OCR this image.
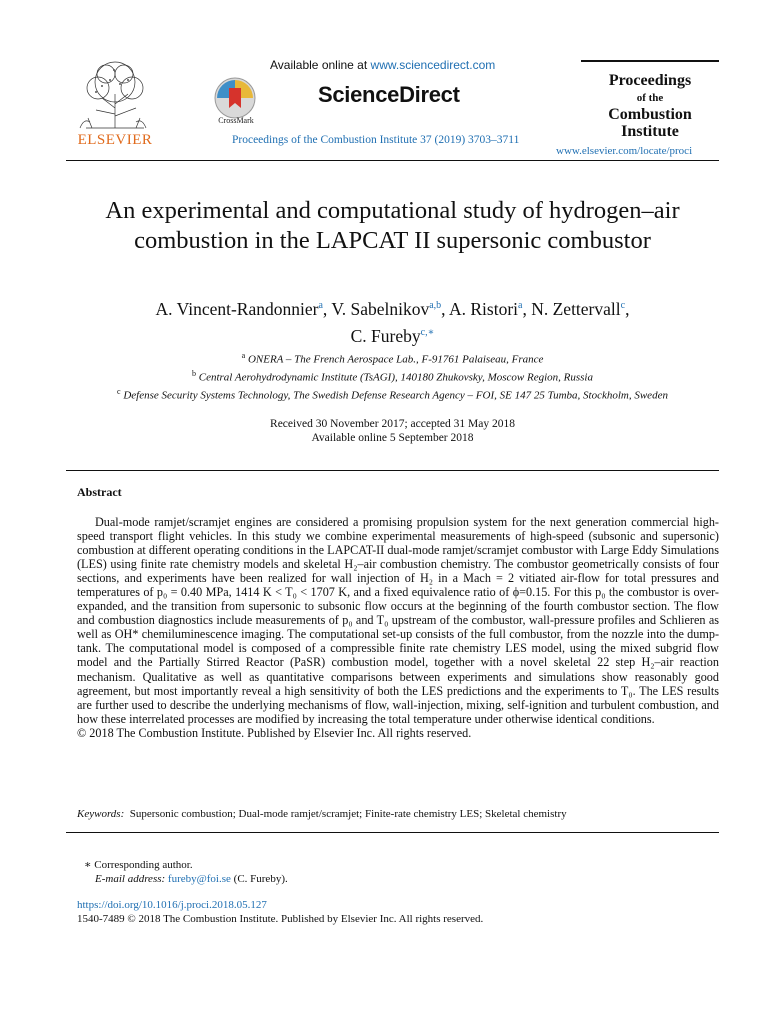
ELSEVIER
Available online at www.sciencedirect.com
CrossMark
ScienceDirect
Proceedings of the Combustion Institute 37 (2019) 3703–3711
Proceedings
of the
Combustion
Institute
www.elsevier.com/locate/proci
An experimental and computational study of hydrogen–air combustion in the LAPCAT II supersonic combustor
A. Vincent-Randonnier$^a$, V. Sabelnikov$^{a,b}$, A. Ristori$^a$, N. Zettervall$^c$,
C. Fureby$^{c,∗}$
$^a$ ONERA – The French Aerospace Lab., F-91761 Palaiseau, France
$^b$ Central Aerohydrodynamic Institute (TsAGI), 140180 Zhukovsky, Moscow Region, Russia
$^c$ Defense Security Systems Technology, The Swedish Defense Research Agency – FOI, SE 147 25 Tumba, Stockholm, Sweden
Received 30 November 2017; accepted 31 May 2018
Available online 5 September 2018
Abstract

Dual-mode ramjet/scramjet engines are considered a promising propulsion system for the next generation commercial high-speed transport flight vehicles. In this study we combine experimental measurements of high-speed (subsonic and supersonic) combustion at different operating conditions in the LAPCAT-II dual-mode ramjet/scramjet combustor with Large Eddy Simulations (LES) using finite rate chemistry models and skeletal H₂–air combustion chemistry. The combustor geometrically consists of four sections, and experiments have been realized for wall injection of H₂ in a Mach = 2 vitiated air-flow for total pressures and temperatures of p₀ = 0.40 MPa, 1414 K < T₀ < 1707 K, and a fixed equivalence ratio of ϕ=0.15. For this p₀ the combustor is over-expanded, and the transition from supersonic to subsonic flow occurs at the beginning of the fourth combustor section. The flow and combustion diagnostics include measurements of p₀ and T₀ upstream of the combustor, wall-pressure profiles and Schlieren as well as OH* chemiluminescence imaging. The computational set-up consists of the full combustor, from the nozzle into the dump-tank. The computational model is composed of a compressible finite rate chemistry LES model, using the mixed subgrid flow model and the Partially Stirred Reactor (PaSR) combustion model, together with a novel skeletal 22 step H₂–air reaction mechanism. Qualitative as well as quantitative comparisons between experiments and simulations show reasonably good agreement, but most importantly reveal a high sensitivity of both the LES predictions and the experiments to T₀. The LES results are further used to describe the underlying mechanisms of flow, wall-injection, mixing, self-ignition and turbulent combustion, and how these interrelated processes are modified by increasing the total temperature under otherwise identical conditions.

© 2018 The Combustion Institute. Published by Elsevier Inc. All rights reserved.

Keywords: Supersonic combustion; Dual-mode ramjet/scramjet; Finite-rate chemistry LES; Skeletal chemistry
∗ Corresponding author.
E-mail address: fureby@foi.se (C. Fureby).
https://doi.org/10.1016/j.proci.2018.05.127
1540-7489 © 2018 The Combustion Institute. Published by Elsevier Inc. All rights reserved.
